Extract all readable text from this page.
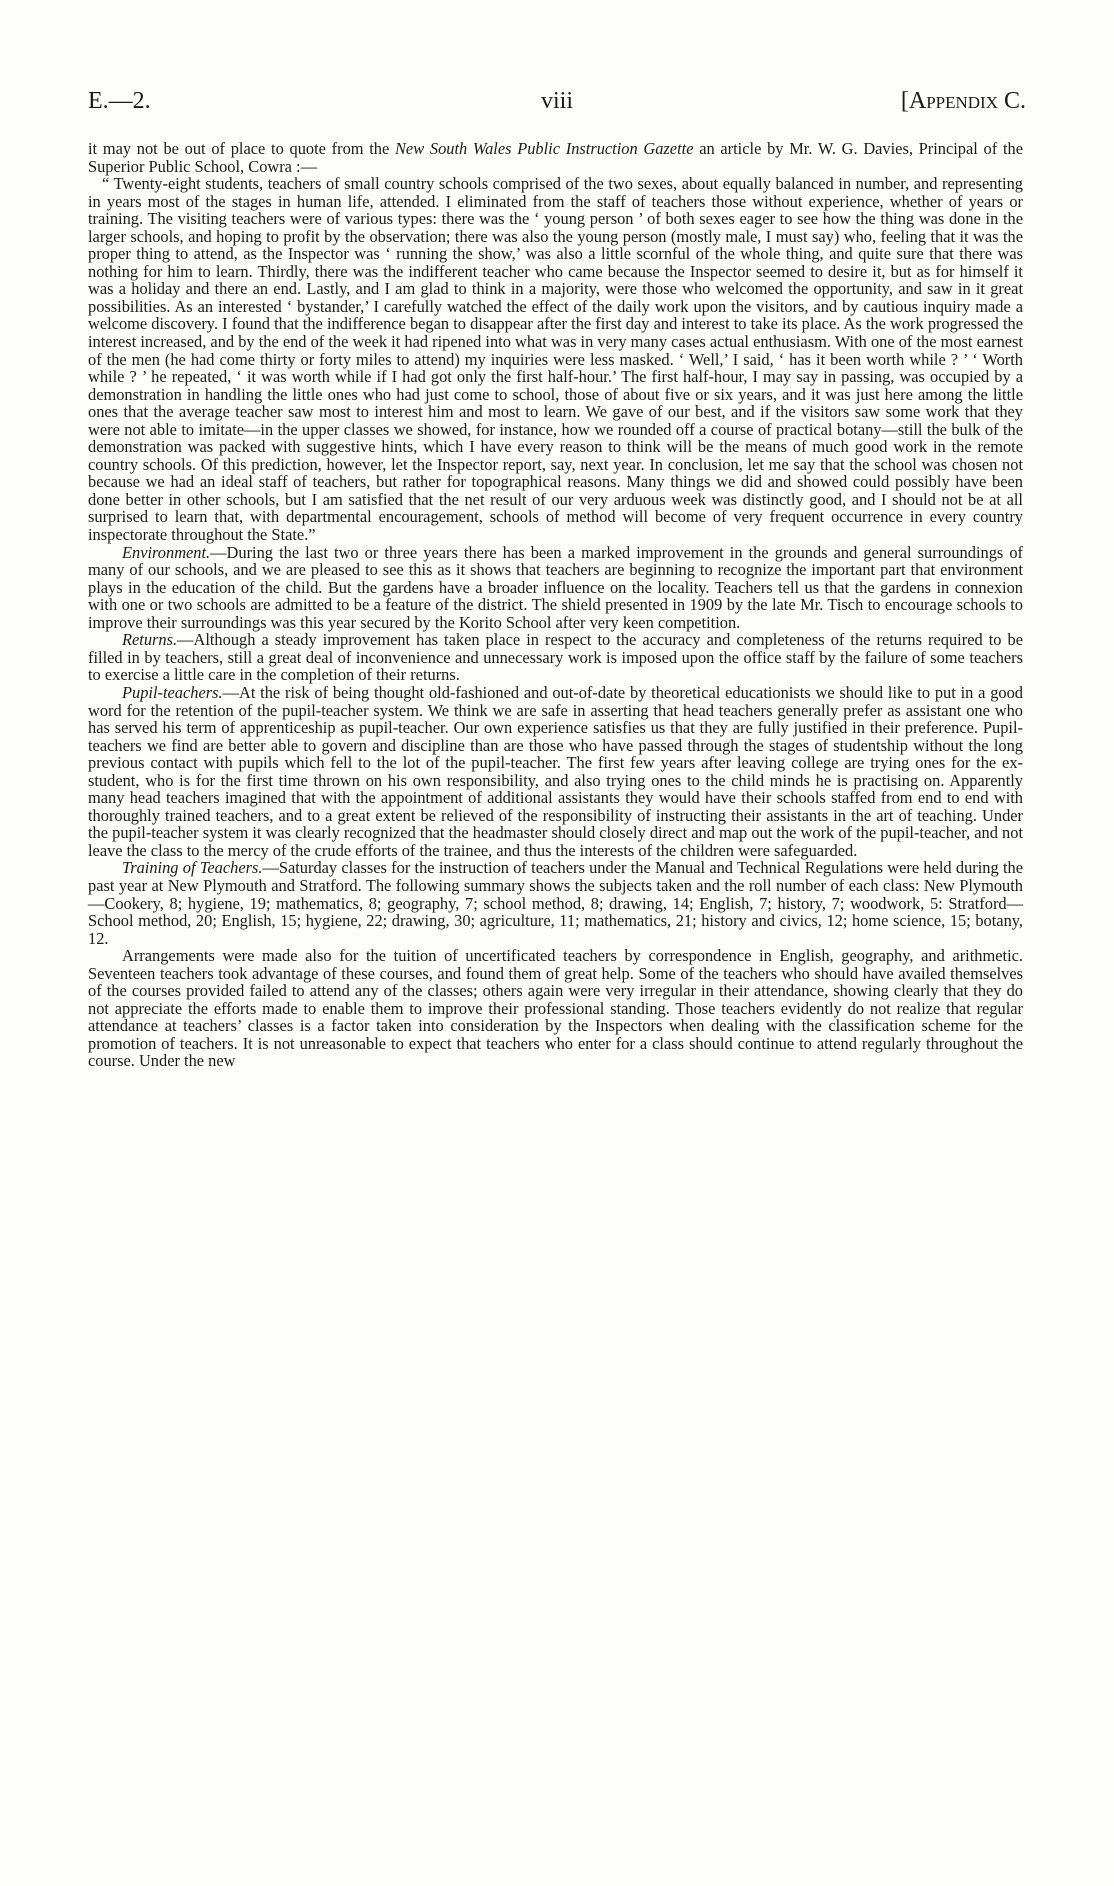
E.—2.	viii	[Appendix C.

it may not be out of place to quote from the New South Wales Public Instruction Gazette an article by Mr. W. G. Davies, Principal of the Superior Public School, Cowra :—

“ Twenty-eight students, teachers of small country schools comprised of the two sexes, about equally balanced in number, and representing in years most of the stages in human life, attended. I eliminated from the staff of teachers those without experience, whether of years or training. The visiting teachers were of various types: there was the ‘ young person ’ of both sexes eager to see how the thing was done in the larger schools, and hoping to profit by the observation; there was also the young person (mostly male, I must say) who, feeling that it was the proper thing to attend, as the Inspector was ‘ running the show,’ was also a little scornful of the whole thing, and quite sure that there was nothing for him to learn. Thirdly, there was the indifferent teacher who came because the Inspector seemed to desire it, but as for himself it was a holiday and there an end. Lastly, and I am glad to think in a majority, were those who welcomed the opportunity, and saw in it great possibilities. As an interested ‘ bystander,’ I carefully watched the effect of the daily work upon the visitors, and by cautious inquiry made a welcome discovery. I found that the indifference began to disappear after the first day and interest to take its place. As the work progressed the interest increased, and by the end of the week it had ripened into what was in very many cases actual enthusiasm. With one of the most earnest of the men (he had come thirty or forty miles to attend) my inquiries were less masked. ‘ Well,’ I said, ‘ has it been worth while ? ’ ‘ Worth while ? ’ he repeated, ‘ it was worth while if I had got only the first half-hour.’ The first half-hour, I may say in passing, was occupied by a demonstration in handling the little ones who had just come to school, those of about five or six years, and it was just here among the little ones that the average teacher saw most to interest him and most to learn. We gave of our best, and if the visitors saw some work that they were not able to imitate—in the upper classes we showed, for instance, how we rounded off a course of practical botany—still the bulk of the demonstration was packed with suggestive hints, which I have every reason to think will be the means of much good work in the remote country schools. Of this prediction, however, let the Inspector report, say, next year. In conclusion, let me say that the school was chosen not because we had an ideal staff of teachers, but rather for topographical reasons. Many things we did and showed could possibly have been done better in other schools, but I am satisfied that the net result of our very arduous week was distinctly good, and I should not be at all surprised to learn that, with departmental encouragement, schools of method will become of very frequent occurrence in every country inspectorate throughout the State.”

Environment.—During the last two or three years there has been a marked improvement in the grounds and general surroundings of many of our schools, and we are pleased to see this as it shows that teachers are beginning to recognize the important part that environment plays in the education of the child. But the gardens have a broader influence on the locality. Teachers tell us that the gardens in connexion with one or two schools are admitted to be a feature of the district. The shield presented in 1909 by the late Mr. Tisch to encourage schools to improve their surroundings was this year secured by the Korito School after very keen competition.

Returns.—Although a steady improvement has taken place in respect to the accuracy and completeness of the returns required to be filled in by teachers, still a great deal of inconvenience and unnecessary work is imposed upon the office staff by the failure of some teachers to exercise a little care in the completion of their returns.

Pupil-teachers.—At the risk of being thought old-fashioned and out-of-date by theoretical educationists we should like to put in a good word for the retention of the pupil-teacher system. We think we are safe in asserting that head teachers generally prefer as assistant one who has served his term of apprenticeship as pupil-teacher. Our own experience satisfies us that they are fully justified in their preference. Pupil-teachers we find are better able to govern and discipline than are those who have passed through the stages of studentship without the long previous contact with pupils which fell to the lot of the pupil-teacher. The first few years after leaving college are trying ones for the ex-student, who is for the first time thrown on his own responsibility, and also trying ones to the child minds he is practising on. Apparently many head teachers imagined that with the appointment of additional assistants they would have their schools staffed from end to end with thoroughly trained teachers, and to a great extent be relieved of the responsibility of instructing their assistants in the art of teaching. Under the pupil-teacher system it was clearly recognized that the headmaster should closely direct and map out the work of the pupil-teacher, and not leave the class to the mercy of the crude efforts of the trainee, and thus the interests of the children were safeguarded.

Training of Teachers.—Saturday classes for the instruction of teachers under the Manual and Technical Regulations were held during the past year at New Plymouth and Stratford. The following summary shows the subjects taken and the roll number of each class: New Plymouth—Cookery, 8; hygiene, 19; mathematics, 8; geography, 7; school method, 8; drawing, 14; English, 7; history, 7; woodwork, 5: Stratford—School method, 20; English, 15; hygiene, 22; drawing, 30; agriculture, 11; mathematics, 21; history and civics, 12; home science, 15; botany, 12.

Arrangements were made also for the tuition of uncertificated teachers by correspondence in English, geography, and arithmetic. Seventeen teachers took advantage of these courses, and found them of great help. Some of the teachers who should have availed themselves of the courses provided failed to attend any of the classes; others again were very irregular in their attendance, showing clearly that they do not appreciate the efforts made to enable them to improve their professional standing. Those teachers evidently do not realize that regular attendance at teachers’ classes is a factor taken into consideration by the Inspectors when dealing with the classification scheme for the promotion of teachers. It is not unreasonable to expect that teachers who enter for a class should continue to attend regularly throughout the course. Under the new
